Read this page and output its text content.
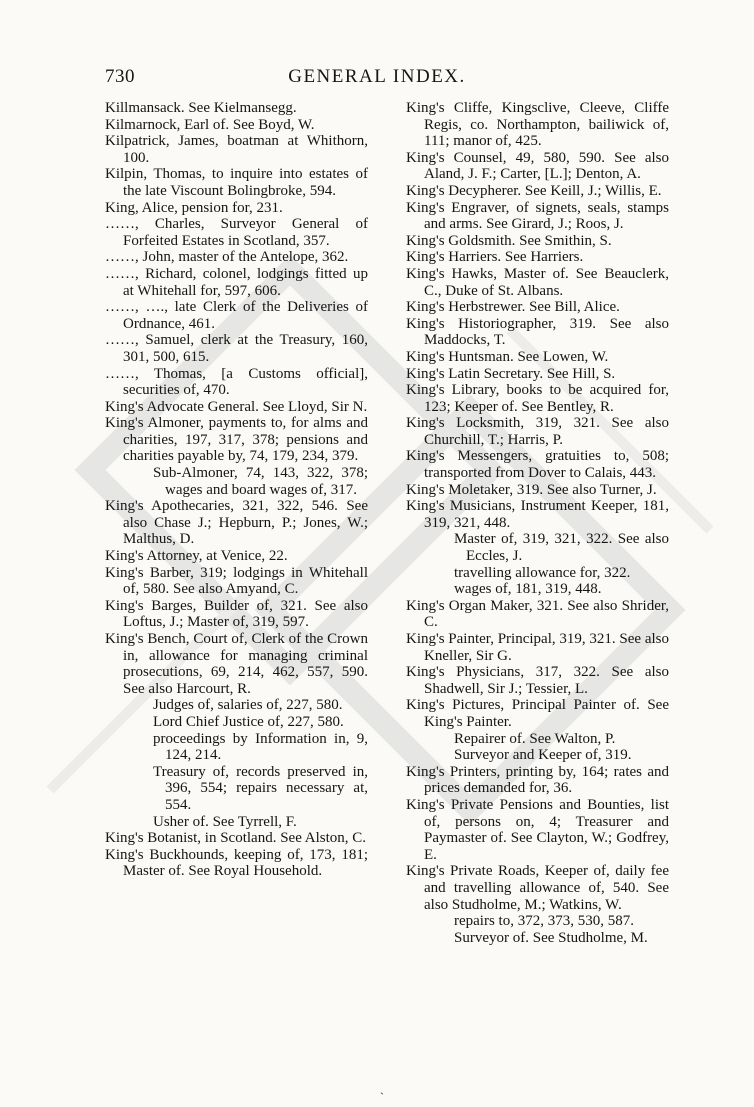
730	GENERAL INDEX.

Killmansack. See Kielmansegg.

Kilmarnock, Earl of. See Boyd, W.

Kilpatrick, James, boatman at Whithorn, 100.

Kilpin, Thomas, to inquire into estates of the late Viscount Bolingbroke, 594.

King, Alice, pension for, 231.

……, Charles, Surveyor General of Forfeited Estates in Scotland, 357.

……, John, master of the Antelope, 362.

……, Richard, colonel, lodgings fitted up at Whitehall for, 597, 606.

……, …., late Clerk of the Deliveries of Ordnance, 461.

……, Samuel, clerk at the Treasury, 160, 301, 500, 615.

……, Thomas, [a Customs official], securities of, 470.

King's Advocate General. See Lloyd, Sir N.

King's Almoner, payments to, for alms and charities, 197, 317, 378; pensions and charities payable by, 74, 179, 234, 379.

Sub-Almoner, 74, 143, 322, 378; wages and board wages of, 317.

King's Apothecaries, 321, 322, 546. See also Chase J.; Hepburn, P.; Jones, W.; Malthus, D.

King's Attorney, at Venice, 22.

King's Barber, 319; lodgings in Whitehall of, 580. See also Amyand, C.

King's Barges, Builder of, 321. See also Loftus, J.; Master of, 319, 597.

King's Bench, Court of, Clerk of the Crown in, allowance for managing criminal prosecutions, 69, 214, 462, 557, 590. See also Harcourt, R.

Judges of, salaries of, 227, 580.

Lord Chief Justice of, 227, 580.

proceedings by Information in, 9, 124, 214.

Treasury of, records preserved in, 396, 554; repairs necessary at, 554.

Usher of. See Tyrrell, F.

King's Botanist, in Scotland. See Alston, C.

King's Buckhounds, keeping of, 173, 181; Master of. See Royal Household.

King's Cliffe, Kingsclive, Cleeve, Cliffe Regis, co. Northampton, bailiwick of, 111; manor of, 425.

King's Counsel, 49, 580, 590. See also Aland, J. F.; Carter, [L.]; Denton, A.

King's Decypherer. See Keill, J.; Willis, E.

King's Engraver, of signets, seals, stamps and arms. See Girard, J.; Roos, J.

King's Goldsmith. See Smithin, S.

King's Harriers. See Harriers.

King's Hawks, Master of. See Beauclerk, C., Duke of St. Albans.

King's Herbstrewer. See Bill, Alice.

King's Historiographer, 319. See also Maddocks, T.

King's Huntsman. See Lowen, W.

King's Latin Secretary. See Hill, S.

King's Library, books to be acquired for, 123; Keeper of. See Bentley, R.

King's Locksmith, 319, 321. See also Churchill, T.; Harris, P.

King's Messengers, gratuities to, 508; transported from Dover to Calais, 443.

King's Moletaker, 319. See also Turner, J.

King's Musicians, Instrument Keeper, 181, 319, 321, 448.

Master of, 319, 321, 322. See also Eccles, J.

travelling allowance for, 322.

wages of, 181, 319, 448.

King's Organ Maker, 321. See also Shrider, C.

King's Painter, Principal, 319, 321. See also Kneller, Sir G.

King's Physicians, 317, 322. See also Shadwell, Sir J.; Tessier, L.

King's Pictures, Principal Painter of. See King's Painter.

Repairer of. See Walton, P.

Surveyor and Keeper of, 319.

King's Printers, printing by, 164; rates and prices demanded for, 36.

King's Private Pensions and Bounties, list of, persons on, 4; Treasurer and Paymaster of. See Clayton, W.; Godfrey, E.

King's Private Roads, Keeper of, daily fee and travelling allowance of, 540. See also Studholme, M.; Watkins, W.

repairs to, 372, 373, 530, 587.

Surveyor of. See Studholme, M.

`
